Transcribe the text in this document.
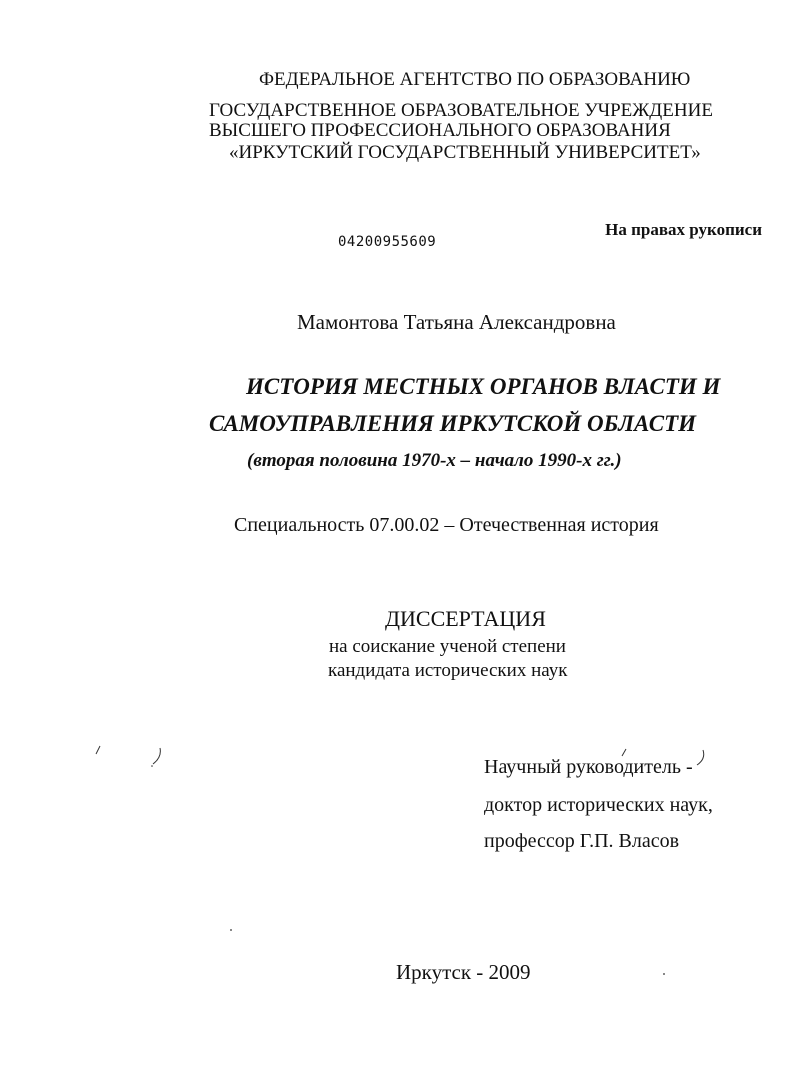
ФЕДЕРАЛЬНОЕ АГЕНТСТВО ПО ОБРАЗОВАНИЮ

ГОСУДАРСТВЕННОЕ ОБРАЗОВАТЕЛЬНОЕ УЧРЕЖДЕНИЕ

ВЫСШЕГО ПРОФЕССИОНАЛЬНОГО ОБРАЗОВАНИЯ

«ИРКУТСКИЙ ГОСУДАРСТВЕННЫЙ УНИВЕРСИТЕТ»

На правах рукописи

04200955609

Мамонтова Татьяна Александровна

ИСТОРИЯ МЕСТНЫХ ОРГАНОВ ВЛАСТИ И

САМОУПРАВЛЕНИЯ ИРКУТСКОЙ ОБЛАСТИ

(вторая половина 1970-х – начало 1990-х гг.)

Специальность 07.00.02 – Отечественная история

ДИССЕРТАЦИЯ

на соискание ученой степени

кандидата исторических наук

Научный руководитель -

доктор исторических наук,

профессор Г.П. Власов

Иркутск - 2009
